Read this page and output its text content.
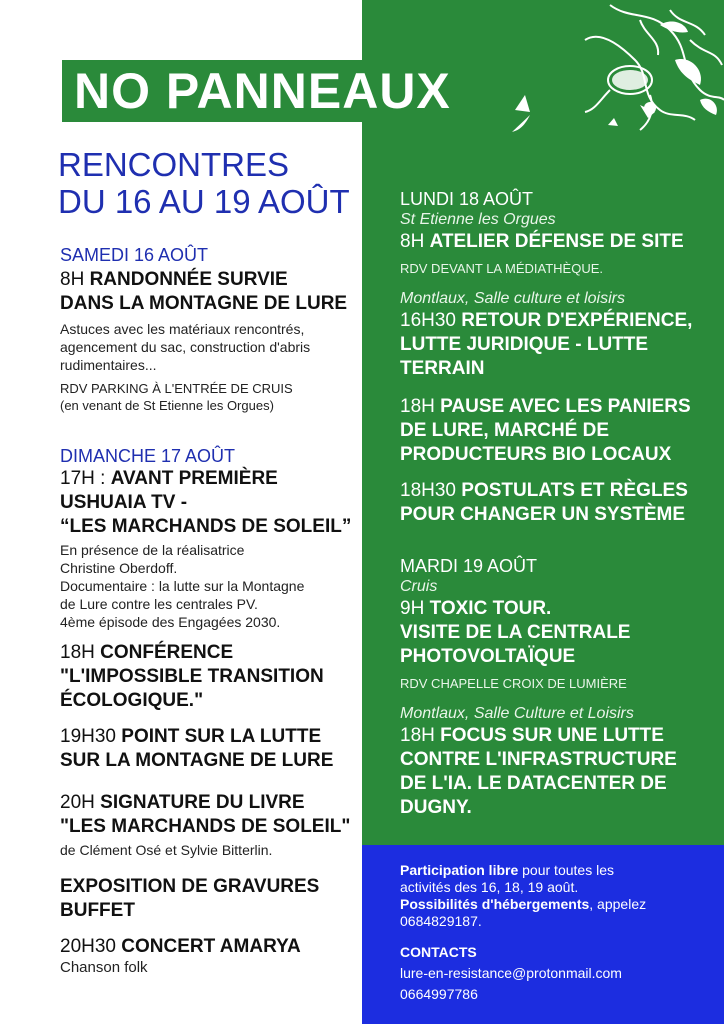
NO PANNEAUX
RENCONTRES
DU 16 AU 19 AOÛT
SAMEDI 16 AOÛT
8H RANDONNÉE SURVIE
DANS LA MONTAGNE DE LURE
Astuces avec les matériaux rencontrés,
agencement du sac, construction d'abris
rudimentaires...
RDV PARKING À L'ENTRÉE DE CRUIS
(en venant de St Etienne les Orgues)
DIMANCHE 17 AOÛT
17H : AVANT PREMIÈRE
USHUAIA TV -
“LES MARCHANDS DE SOLEIL”
En présence de la réalisatrice
Christine Oberdoff.
Documentaire : la lutte sur la Montagne
de Lure contre les centrales PV.
4ème épisode des Engagées 2030.
18H CONFÉRENCE
"L'IMPOSSIBLE TRANSITION
ÉCOLOGIQUE."
19H30 POINT SUR LA LUTTE
SUR LA MONTAGNE DE LURE
20H SIGNATURE DU LIVRE
"LES MARCHANDS DE SOLEIL"
de Clément Osé et Sylvie Bitterlin.
EXPOSITION DE GRAVURES
BUFFET
20H30 CONCERT AMARYA
Chanson folk
LUNDI 18 AOÛT
St Etienne les Orgues
8H ATELIER DÉFENSE DE SITE
RDV DEVANT LA MÉDIATHÈQUE.
Montlaux, Salle culture et loisirs
16H30 RETOUR D'EXPÉRIENCE,
LUTTE JURIDIQUE - LUTTE
TERRAIN
18H PAUSE AVEC LES PANIERS
DE LURE, MARCHÉ DE
PRODUCTEURS BIO LOCAUX
18H30 POSTULATS ET RÈGLES
POUR CHANGER UN SYSTÈME
MARDI 19 AOÛT
Cruis
9H TOXIC TOUR.
VISITE DE LA CENTRALE
PHOTOVOLTAÏQUE
RDV CHAPELLE CROIX DE LUMIÈRE
Montlaux, Salle Culture et Loisirs
18H FOCUS SUR UNE LUTTE
CONTRE L'INFRASTRUCTURE
DE L'IA. LE DATACENTER DE
DUGNY.
Participation libre pour toutes les
activités des 16, 18, 19 août.
Possibilités d'hébergements, appelez
0684829187.
CONTACTS
lure-en-resistance@protonmail.com
0664997786
